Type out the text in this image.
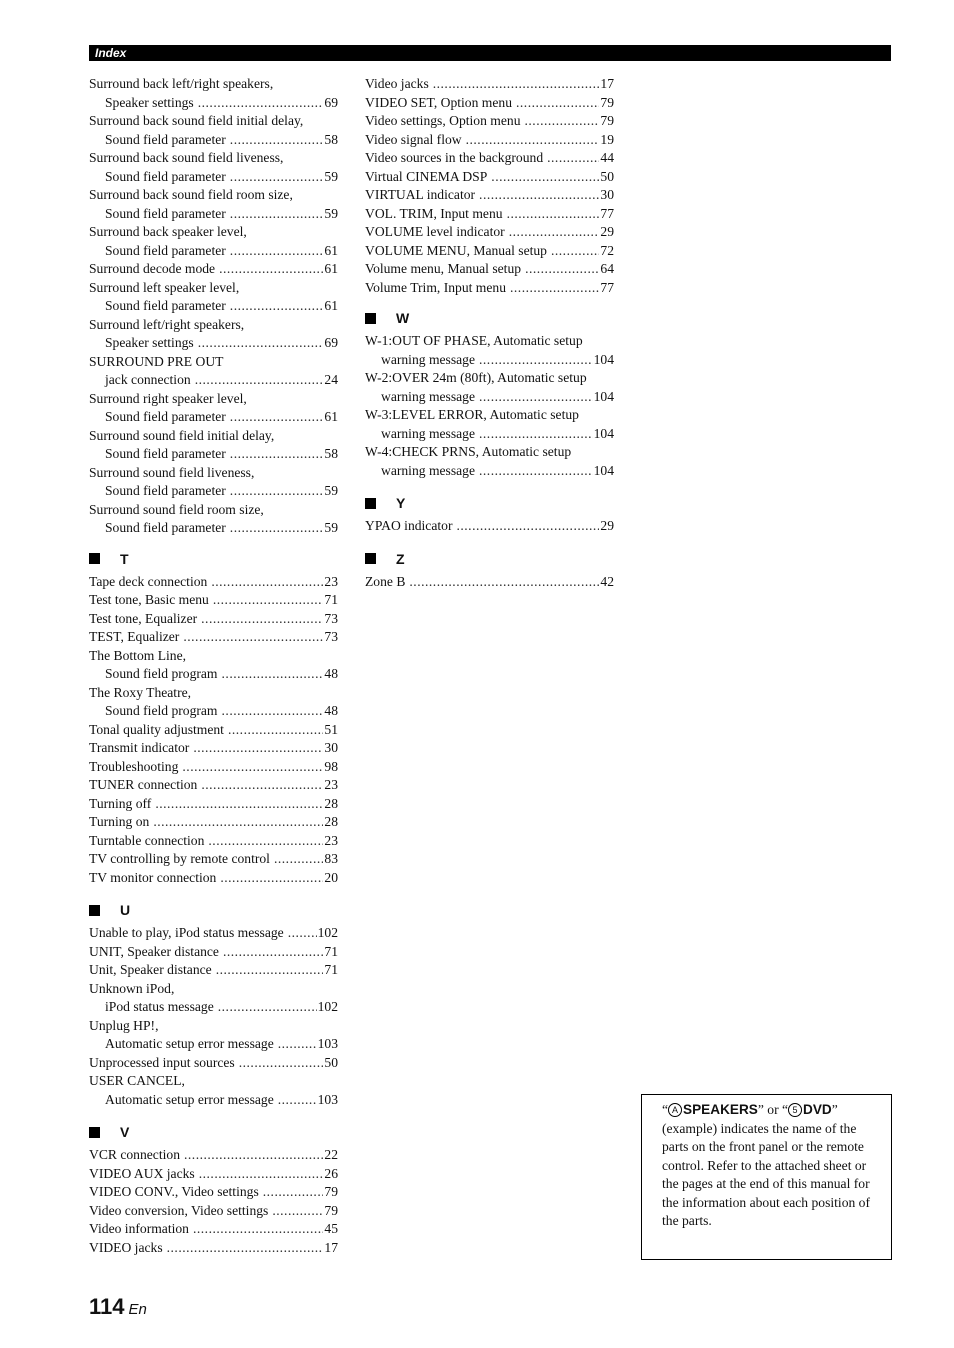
Index
Surround back left/right speakers,
Speaker settings .....	69
Surround back sound field initial delay,
Sound field parameter .....	58
Surround back sound field liveness,
Sound field parameter .....	59
Surround back sound field room size,
Sound field parameter .....	59
Surround back speaker level,
Sound field parameter .....	61
Surround decode mode .....	61
Surround left speaker level,
Sound field parameter .....	61
Surround left/right speakers,
Speaker settings .....	69
SURROUND PRE OUT
jack connection .....	24
Surround right speaker level,
Sound field parameter .....	61
Surround sound field initial delay,
Sound field parameter .....	58
Surround sound field liveness,
Sound field parameter .....	59
Surround sound field room size,
Sound field parameter .....	59
T
Tape deck connection .....	23
Test tone, Basic menu .....	71
Test tone, Equalizer .....	73
TEST, Equalizer .....	73
The Bottom Line,
Sound field program .....	48
The Roxy Theatre,
Sound field program .....	48
Tonal quality adjustment .....	51
Transmit indicator .....	30
Troubleshooting .....	98
TUNER connection .....	23
Turning off .....	28
Turning on .....	28
Turntable connection .....	23
TV controlling by remote control .....	83
TV monitor connection .....	20
U
Unable to play, iPod status message ..... 102
UNIT, Speaker distance .....	71
Unit, Speaker distance .....	71
Unknown iPod,
iPod status message .....	102
Unplug HP!,
Automatic setup error message .....	103
Unprocessed input sources .....	50
USER CANCEL,
Automatic setup error message .....	103
V
VCR connection .....	22
VIDEO AUX jacks .....	26
VIDEO CONV., Video settings .....	79
Video conversion, Video settings .....	79
Video information .....	45
VIDEO jacks .....	17
Video jacks .....	17
VIDEO SET, Option menu .....	79
Video settings, Option menu .....	79
Video signal flow .....	19
Video sources in the background .....	44
Virtual CINEMA DSP .....	50
VIRTUAL indicator .....	30
VOL. TRIM, Input menu .....	77
VOLUME level indicator .....	29
VOLUME MENU, Manual setup .....	72
Volume menu, Manual setup .....	64
Volume Trim, Input menu .....	77
W
W-1:OUT OF PHASE, Automatic setup
warning message .....	104
W-2:OVER 24m (80ft), Automatic setup
warning message .....	104
W-3:LEVEL ERROR, Automatic setup
warning message .....	104
W-4:CHECK PRNS, Automatic setup
warning message .....	104
Y
YPAO indicator .....	29
Z
Zone B .....	42
“ A SPEAKERS” or “ 5 DVD” (example) indicates the name of the parts on the front panel or the remote control. Refer to the attached sheet or the pages at the end of this manual for the information about each position of the parts.
114 En
